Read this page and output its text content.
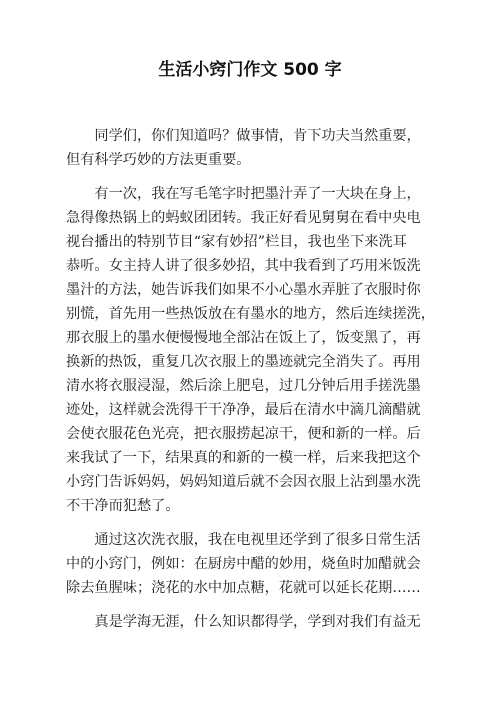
生活小窍门作文 500 字
　　同学们，你们知道吗？做事情，肯下功夫当然重要，
但有科学巧妙的方法更重要。
　　有一次，我在写毛笔字时把墨汁弄了一大块在身上，
急得像热锅上的蚂蚁团团转。我正好看见舅舅在看中央电
视台播出的特别节目“家有妙招”栏目，我也坐下来洗耳
恭听。女主持人讲了很多妙招，其中我看到了巧用米饭洗
墨汁的方法，她告诉我们如果不小心墨水弄脏了衣服时你
别慌，首先用一些热饭放在有墨水的地方，然后连续搓洗，
那衣服上的墨水便慢慢地全部沾在饭上了，饭变黑了，再
换新的热饭，重复几次衣服上的墨迹就完全消失了。再用
清水将衣服浸湿，然后涂上肥皂，过几分钟后用手搓洗墨
迹处，这样就会洗得干干净净，最后在清水中滴几滴醋就
会使衣服花色光亮，把衣服捞起凉干，便和新的一样。后
来我试了一下，结果真的和新的一模一样，后来我把这个
小窍门告诉妈妈，妈妈知道后就不会因衣服上沾到墨水洗
不干净而犯愁了。
　　通过这次洗衣服，我在电视里还学到了很多日常生活
中的小窍门，例如：在厨房中醋的妙用，烧鱼时加醋就会
除去鱼腥味；浇花的水中加点糖，花就可以延长花期……
　　真是学海无涯，什么知识都得学，学到对我们有益无
